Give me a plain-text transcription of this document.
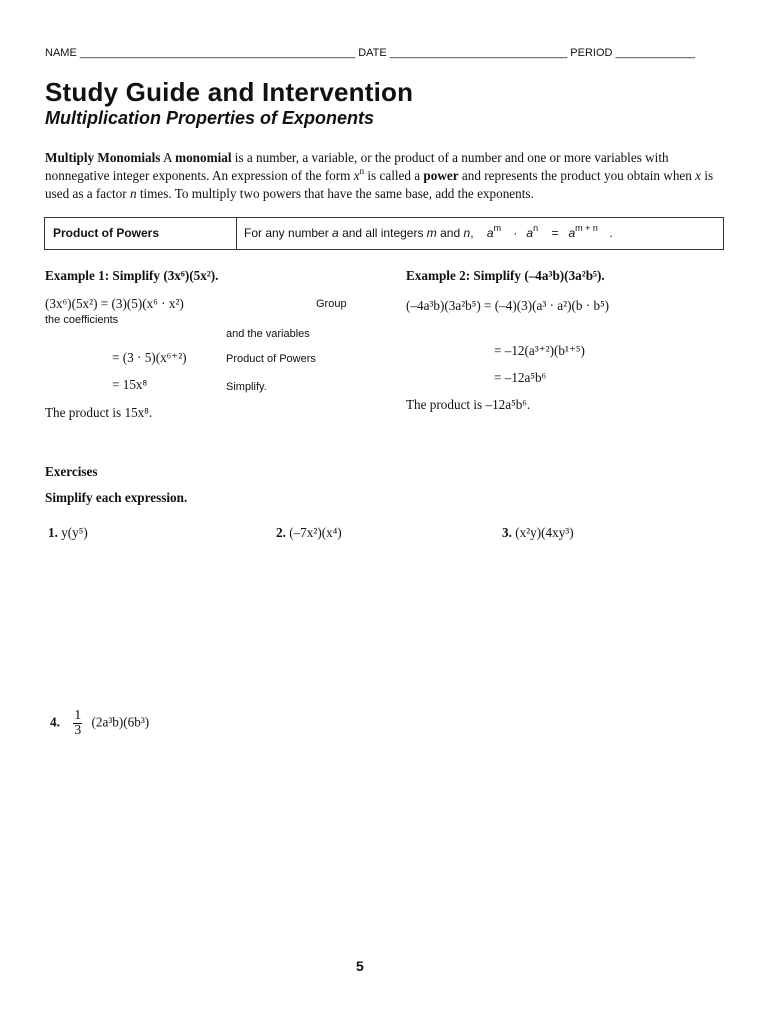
NAME _____________________________________________ DATE _____________________________ PERIOD _____________
Study Guide and Intervention
Multiplication Properties of Exponents
Multiply Monomials A monomial is a number, a variable, or the product of a number and one or more variables with nonnegative integer exponents. An expression of the form $x^n$ is called a power and represents the product you obtain when x is used as a factor n times. To multiply two powers that have the same base, add the exponents.
Product of Powers	For any number a and all integers m and n, $a^m \cdot a^n = a^{m + n}$ .
Example 1: Simplify (3x⁶)(5x²).
(3x⁶)(5x²) = (3)(5)(x⁶ · x²)	Group
the coefficients
and the variables
= (3 · 5)(x⁶⁺²)	Product of Powers
= 15x⁸	Simplify.
The product is 15x⁸.
Example 2: Simplify (–4a³b)(3a²b⁵).
(–4a³b)(3a²b⁵) = (–4)(3)(a³ · a²)(b · b⁵)
= –12(a³⁺²)(b¹⁺⁵)
= –12a⁵b⁶
The product is –12a⁵b⁶.
Exercises
Simplify each expression.
1. y(y⁵)	2. (–7x²)(x⁴)	3. (x²y)(4xy³)
4. $\frac{1}{3} (2a^3b)(6b^3)$
5
